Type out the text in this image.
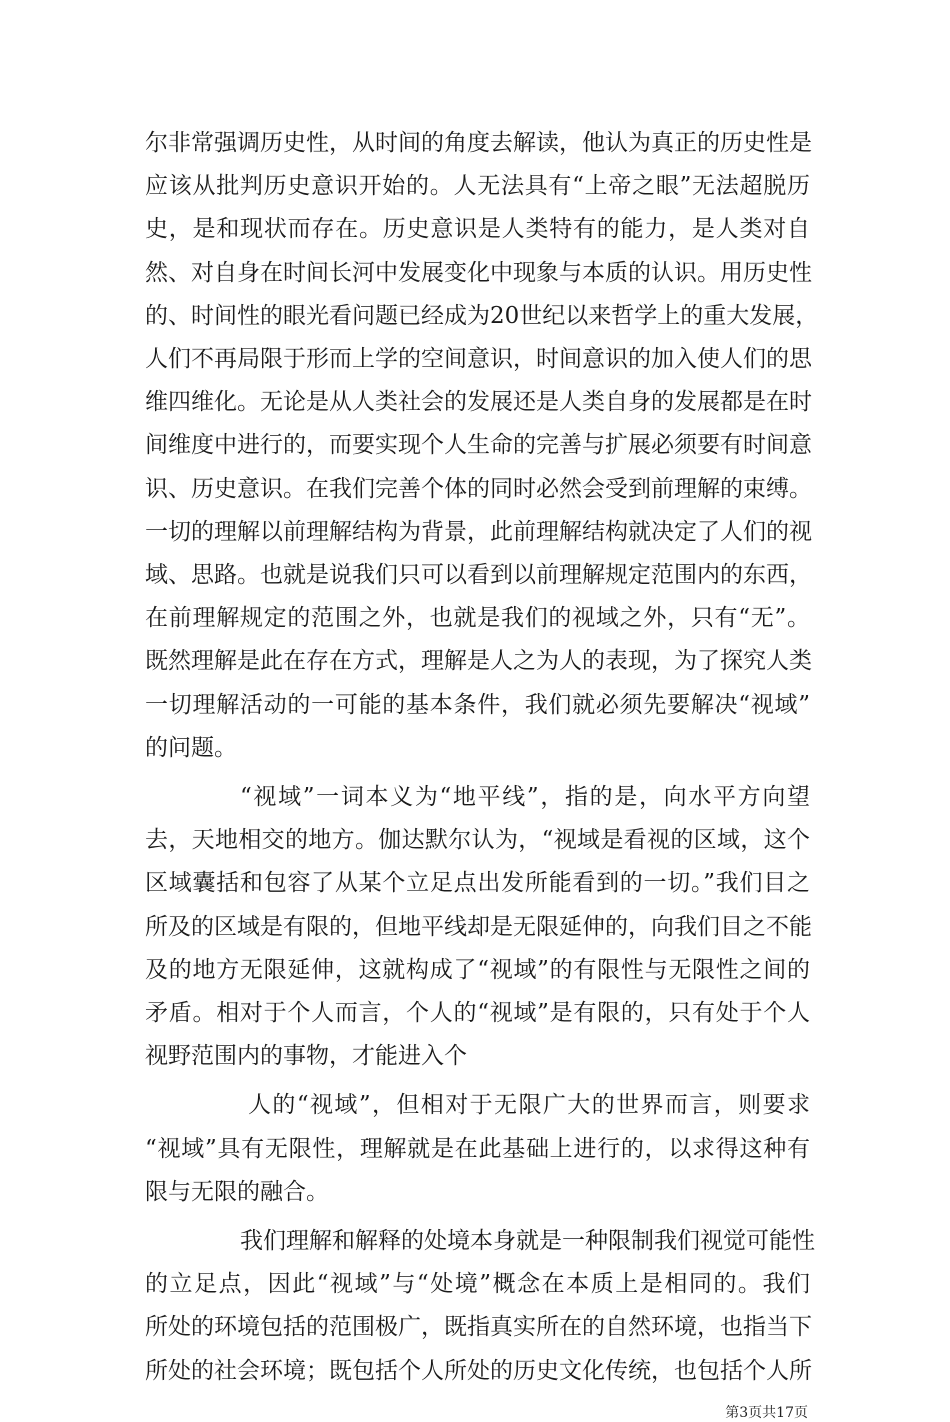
尔非常强调历史性，从时间的角度去解读，他认为真正的历史性是
应该从批判历史意识开始的。人无法具有“上帝之眼”无法超脱历
史，是和现状而存在。历史意识是人类特有的能力，是人类对自
然、对自身在时间长河中发展变化中现象与本质的认识。用历史性
的、时间性的眼光看问题已经成为20世纪以来哲学上的重大发展，
人们不再局限于形而上学的空间意识，时间意识的加入使人们的思
维四维化。无论是从人类社会的发展还是人类自身的发展都是在时
间维度中进行的，而要实现个人生命的完善与扩展必须要有时间意
识、历史意识。在我们完善个体的同时必然会受到前理解的束缚。
一切的理解以前理解结构为背景，此前理解结构就决定了人们的视
域、思路。也就是说我们只可以看到以前理解规定范围内的东西，
在前理解规定的范围之外，也就是我们的视域之外，只有“无”。
既然理解是此在存在方式，理解是人之为人的表现，为了探究人类
一切理解活动的一可能的基本条件，我们就必须先要解决“视域”
的问题。
“视域”一词本义为“地平线”，指的是，向水平方向望
去，天地相交的地方。伽达默尔认为，“视域是看视的区域，这个
区域囊括和包容了从某个立足点出发所能看到的一切。”我们目之
所及的区域是有限的，但地平线却是无限延伸的，向我们目之不能
及的地方无限延伸，这就构成了“视域”的有限性与无限性之间的
矛盾。相对于个人而言，个人的“视域”是有限的，只有处于个人
视野范围内的事物，才能进入个
人的“视域”，但相对于无限广大的世界而言，则要求
“视域”具有无限性，理解就是在此基础上进行的，以求得这种有
限与无限的融合。
我们理解和解释的处境本身就是一种限制我们视觉可能性
的立足点，因此“视域”与“处境”概念在本质上是相同的。我们
所处的环境包括的范围极广，既指真实所在的自然环境，也指当下
所处的社会环境；既包括个人所处的历史文化传统，也包括个人所
第3页共17页
